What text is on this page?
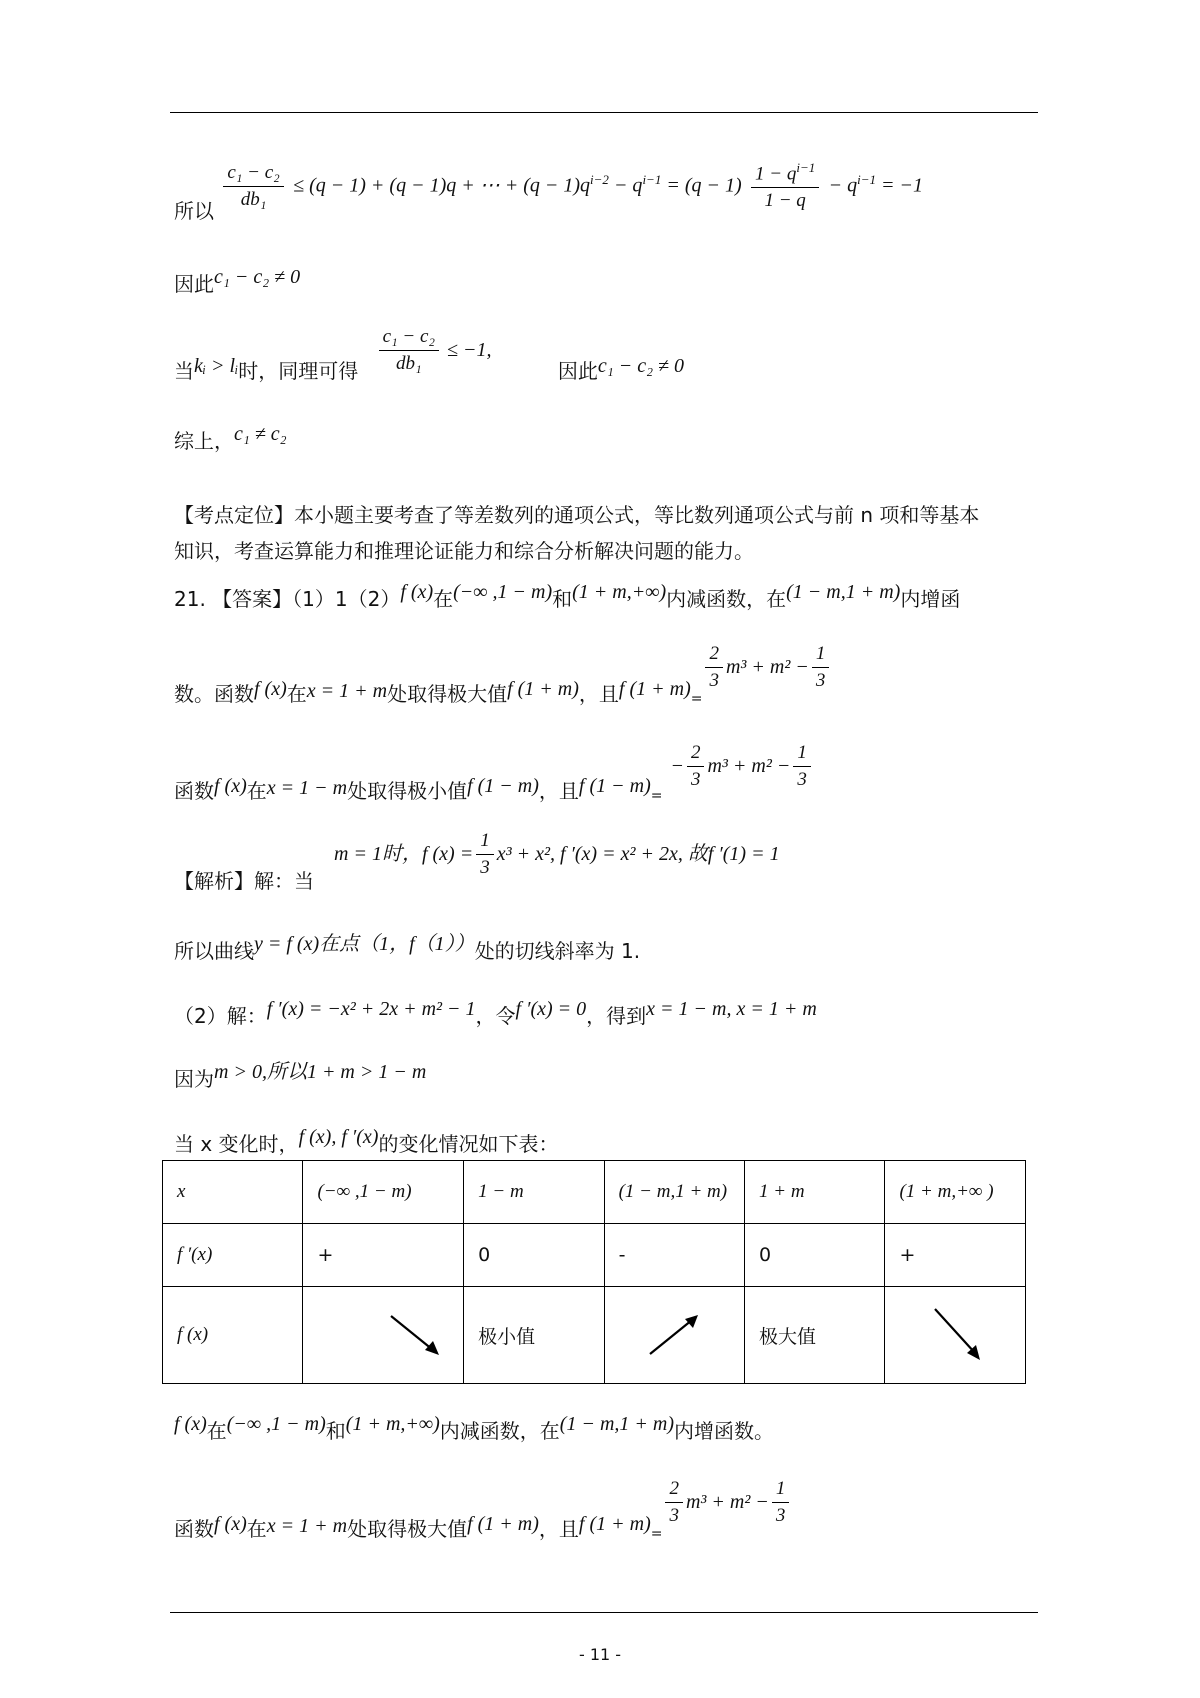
所以 $\frac{\text{c₁ − c₂}}{\text{db₁}} \le (q - 1) + (q - 1)q$ + ⋯ + $(q - 1)q^{i-2} - q^{i-1} = (q - 1) \frac{1 - q^{i-1}}{1 - q} - q^{i-1} = -1$
因此c₁ − c₂ ≠ 0
当kᵢ > lᵢ时，同理可得 $\frac{\text{c₁ − c₂}}{\text{db₁}} \le -1$, 因此c₁ − c₂ ≠ 0
综上，c₁ ≠ c₂
【考点定位】本小题主要考查了等差数列的通项公式，等比数列通项公式与前 n 项和等基本
知识，考查运算能力和推理论证能力和综合分析解决问题的能力。
21. 【答案】（1）1（2）f (x)在(−∞ ,1 − m)和(1 + m,+∞)内减函数，在(1 − m,1 + m)内增函
数。函数f (x)在x = 1 + m处取得极大值f (1 + m)，且f $(1 + m)_=$
$\frac{2}{3} m^3 + m^2 - \frac{1}{3}$
函数f (x)在x = 1 − m处取得极小值f (1 − m)，且f $(1 - m)_=- \frac{2}{3} m^3 + m^2 - \frac{1}{3}$
【解析】解：当m = 1时，f $(x) = \frac{1}{3} x^3 + x^2$, f ′(x) = x² + 2x, 故f ′(1) = 1
所以曲线y = f (x)在点（1，f（1））处的切线斜率为 1.
（2）解：f ′(x) = −x² + 2x + m² − 1，令f ′(x) = 0，得到x = 1 − m, x = 1 + m
因为m > 0,所以1 + m > 1 − m
当 x 变化时，f (x), f ′(x)的变化情况如下表：
x	(−∞ ,1 − m)	1 − m	(1 − m,1 + m)	1 + m	(1 + m,+∞ )
f ′(x)	+	0	-	0	+
f (x)		极小值		极大值	
f (x)在(−∞ ,1 − m)和(1 + m,+∞)内减函数，在(1 − m,1 + m)内增函数。
函数f (x)在x = 1 + m处取得极大值f (1 + m)，且f $(1 + m)_=$
$\frac{2}{3} m^3 + m^2 - \frac{1}{3}$
- 11 -
